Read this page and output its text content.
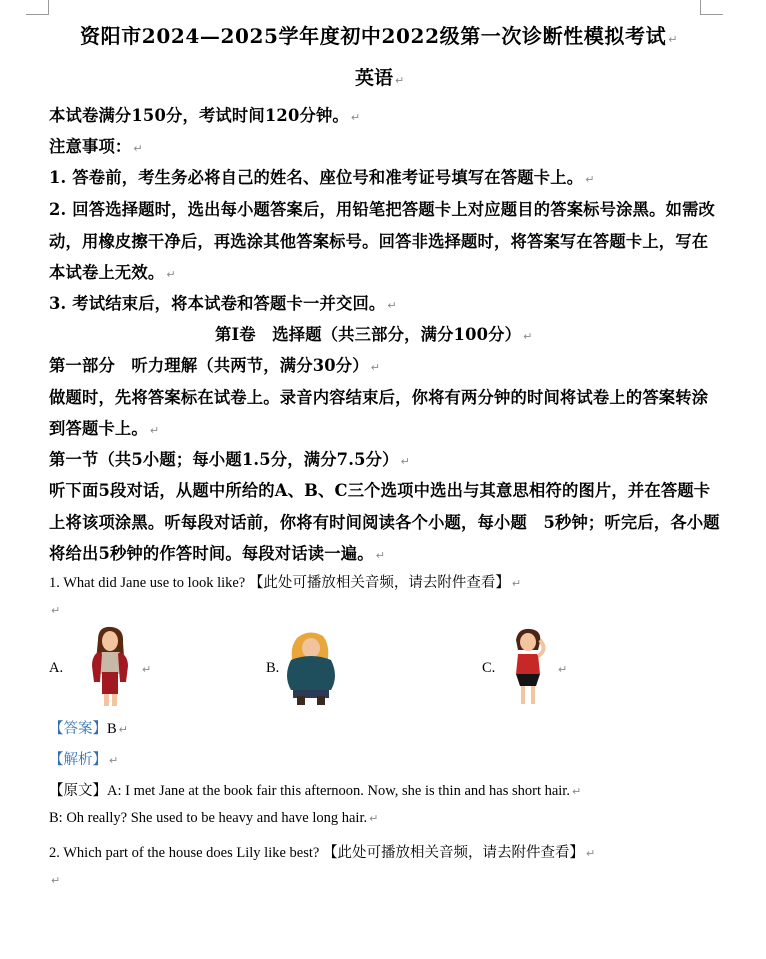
资阳市2024—2025学年度初中2022级第一次诊断性模拟考试 ↵
英语 ↵
本试卷满分150分，考试时间120分钟。 ↵
注意事项： ↵
1. 答卷前，考生务必将自己的姓名、座位号和准考证号填写在答题卡上。 ↵
2. 回答选择题时，选出每小题答案后，用铅笔把答题卡上对应题目的答案标号涂黑。如需改
动，用橡皮擦干净后，再选涂其他答案标号。回答非选择题时，将答案写在答题卡上，写在
本试卷上无效。 ↵
3. 考试结束后，将本试卷和答题卡一并交回。 ↵
第Ⅰ卷　选择题（共三部分，满分100分） ↵
第一部分　听力理解（共两节，满分30分） ↵
做题时，先将答案标在试卷上。录音内容结束后，你将有两分钟的时间将试卷上的答案转涂
到答题卡上。 ↵
第一节（共5小题；每小题1.5分，满分7.5分） ↵
听下面5段对话，从题中所给的A、B、C三个选项中选出与其意思相符的图片，并在答题卡
上将该项涂黑。听每段对话前，你将有时间阅读各个小题，每小题　5秒钟；听完后，各小题
将给出5秒钟的作答时间。每段对话读一遍。 ↵
1. What did Jane use to look like? 【此处可播放相关音频，请去附件查看】 ↵
↵
A.	↵	B.	C.	↵
【答案】B ↵
【解析】 ↵
【原文】A: I met Jane at the book fair this afternoon. Now, she is thin and has short hair. ↵
B: Oh really? She used to be heavy and have long hair. ↵
2. Which part of the house does Lily like best? 【此处可播放相关音频，请去附件查看】 ↵
↵
